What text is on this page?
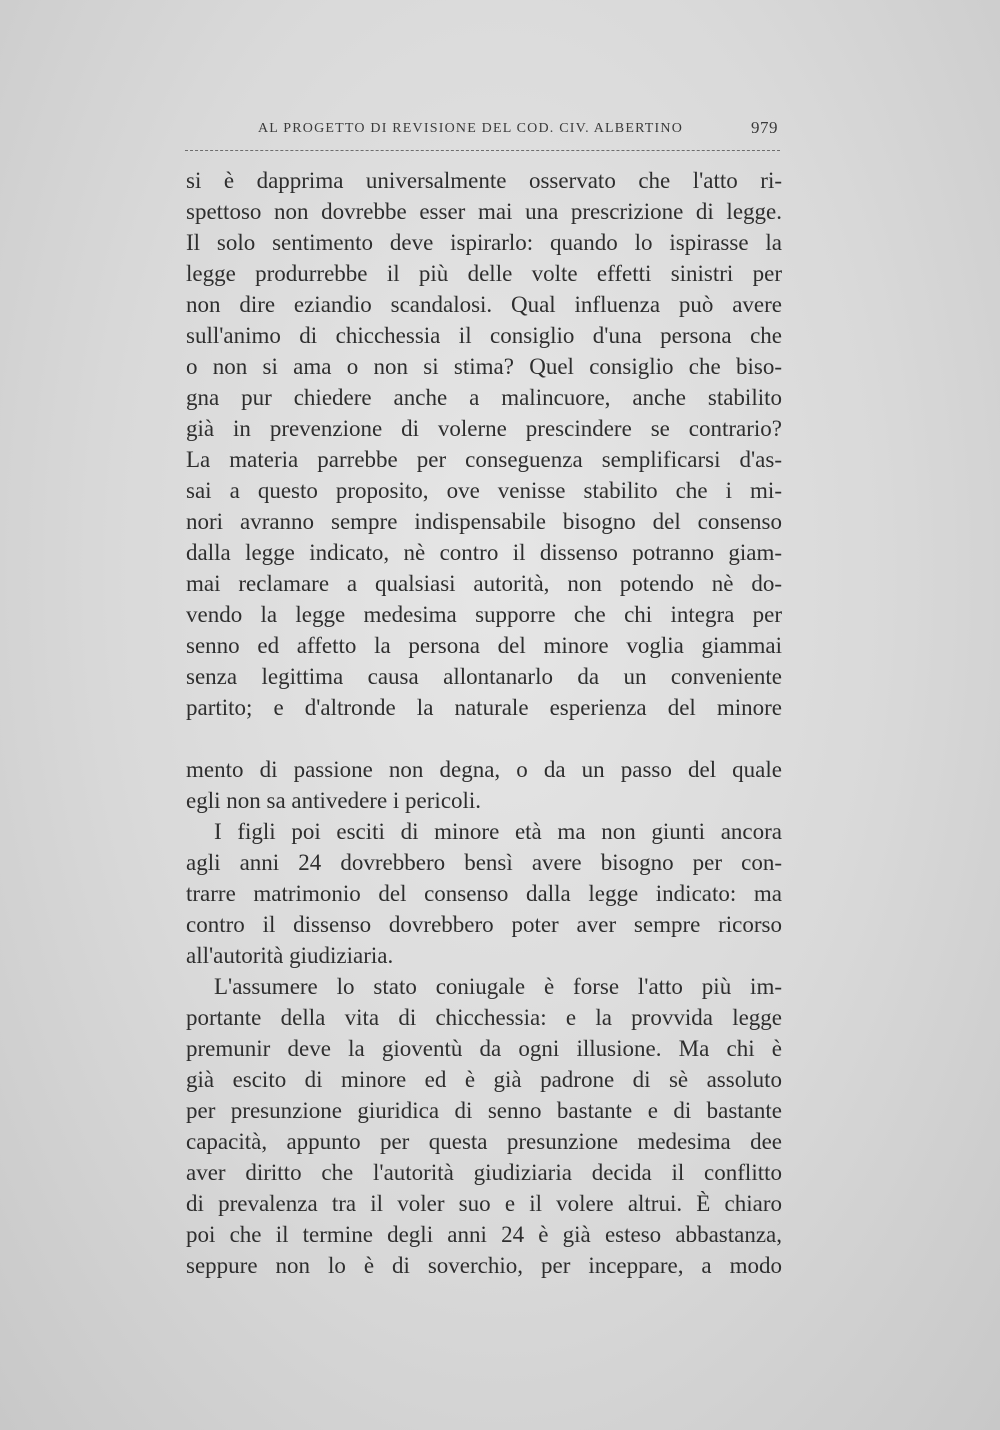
AL PROGETTO DI REVISIONE DEL COD. CIV. ALBERTINO	979
si è dapprima universalmente osservato che l'atto ri-
spettoso non dovrebbe esser mai una prescrizione di legge.
Il solo sentimento deve ispirarlo: quando lo ispirasse la
legge produrrebbe il più delle volte effetti sinistri per
non dire eziandio scandalosi. Qual influenza può avere
sull'animo di chicchessia il consiglio d'una persona che
o non si ama o non si stima? Quel consiglio che biso-
gna pur chiedere anche a malincuore, anche stabilito
già in prevenzione di volerne prescindere se contrario?
La materia parrebbe per conseguenza semplificarsi d'as-
sai a questo proposito, ove venisse stabilito che i mi-
nori avranno sempre indispensabile bisogno del consenso
dalla legge indicato, nè contro il dissenso potranno giam-
mai reclamare a qualsiasi autorità, non potendo nè do-
vendo la legge medesima supporre che chi integra per
senno ed affetto la persona del minore voglia giammai
senza legittima causa allontanarlo da un conveniente
partito; e d'altronde la naturale esperienza del minore
mento di passione non degna, o da un passo del quale
egli non sa antivedere i pericoli.
I figli poi esciti di minore età ma non giunti ancora
agli anni 24 dovrebbero bensì avere bisogno per con-
trarre matrimonio del consenso dalla legge indicato: ma
contro il dissenso dovrebbero poter aver sempre ricorso
all'autorità giudiziaria.
L'assumere lo stato coniugale è forse l'atto più im-
portante della vita di chicchessia: e la provvida legge
premunir deve la gioventù da ogni illusione. Ma chi è
già escito di minore ed è già padrone di sè assoluto
per presunzione giuridica di senno bastante e di bastante
capacità, appunto per questa presunzione medesima dee
aver diritto che l'autorità giudiziaria decida il conflitto
di prevalenza tra il voler suo e il volere altrui. È chiaro
poi che il termine degli anni 24 è già esteso abbastanza,
seppure non lo è di soverchio, per inceppare, a modo
